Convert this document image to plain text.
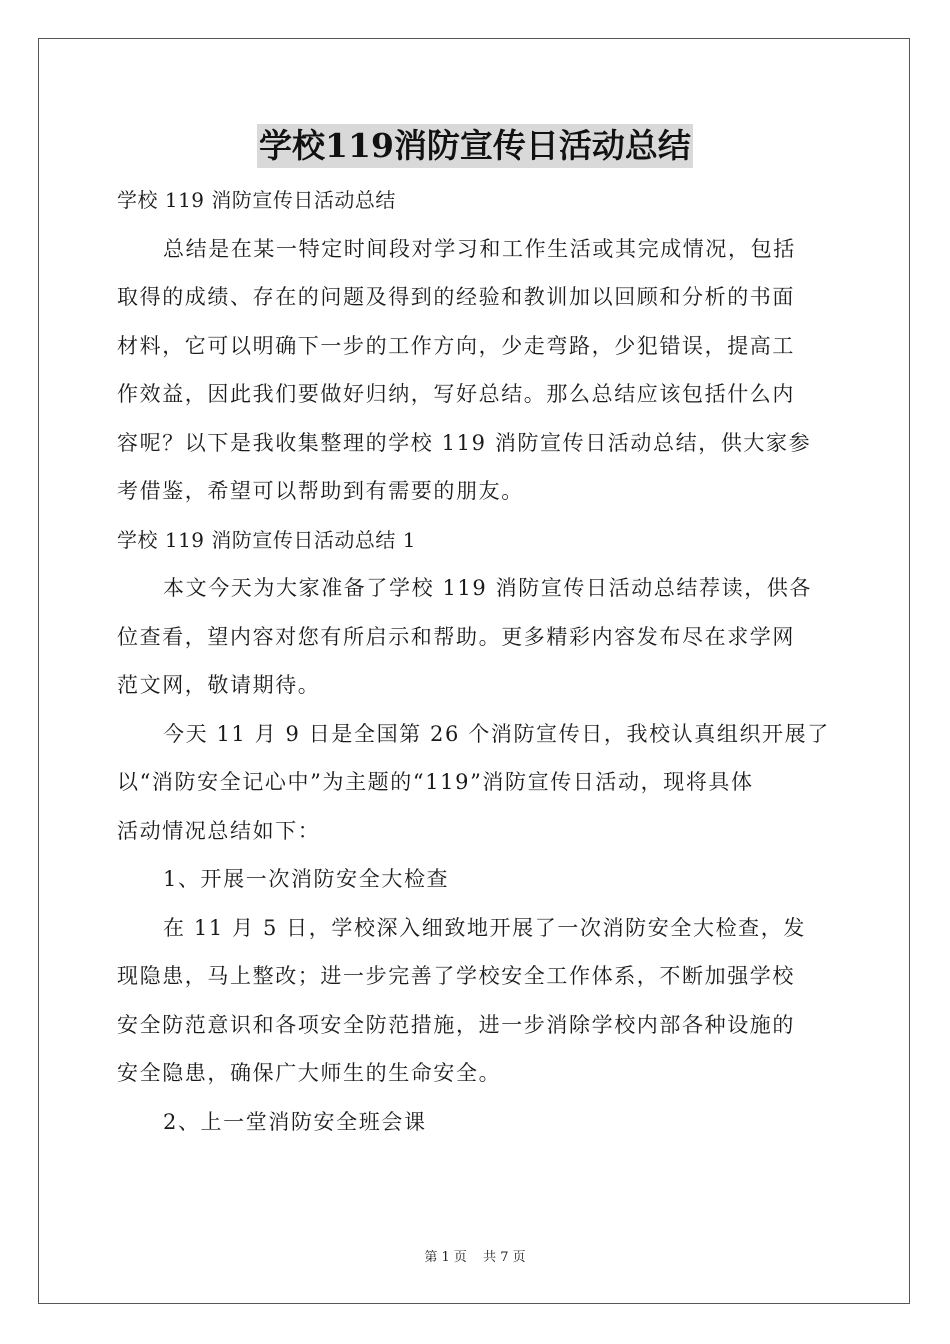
学校119消防宣传日活动总结
学校 119 消防宣传日活动总结
总结是在某一特定时间段对学习和工作生活或其完成情况，包括
取得的成绩、存在的问题及得到的经验和教训加以回顾和分析的书面
材料，它可以明确下一步的工作方向，少走弯路，少犯错误，提高工
作效益，因此我们要做好归纳，写好总结。那么总结应该包括什么内
容呢？以下是我收集整理的学校 119 消防宣传日活动总结，供大家参
考借鉴，希望可以帮助到有需要的朋友。
学校 119 消防宣传日活动总结 1
本文今天为大家准备了学校 119 消防宣传日活动总结荐读，供各
位查看，望内容对您有所启示和帮助。更多精彩内容发布尽在求学网
范文网，敬请期待。
今天 11 月 9 日是全国第 26 个消防宣传日，我校认真组织开展了
以“消防安全记心中”为主题的“119”消防宣传日活动，现将具体
活动情况总结如下：
1、开展一次消防安全大检查
在 11 月 5 日，学校深入细致地开展了一次消防安全大检查，发
现隐患，马上整改；进一步完善了学校安全工作体系，不断加强学校
安全防范意识和各项安全防范措施，进一步消除学校内部各种设施的
安全隐患，确保广大师生的生命安全。
2、上一堂消防安全班会课
第 1 页 共 7 页
